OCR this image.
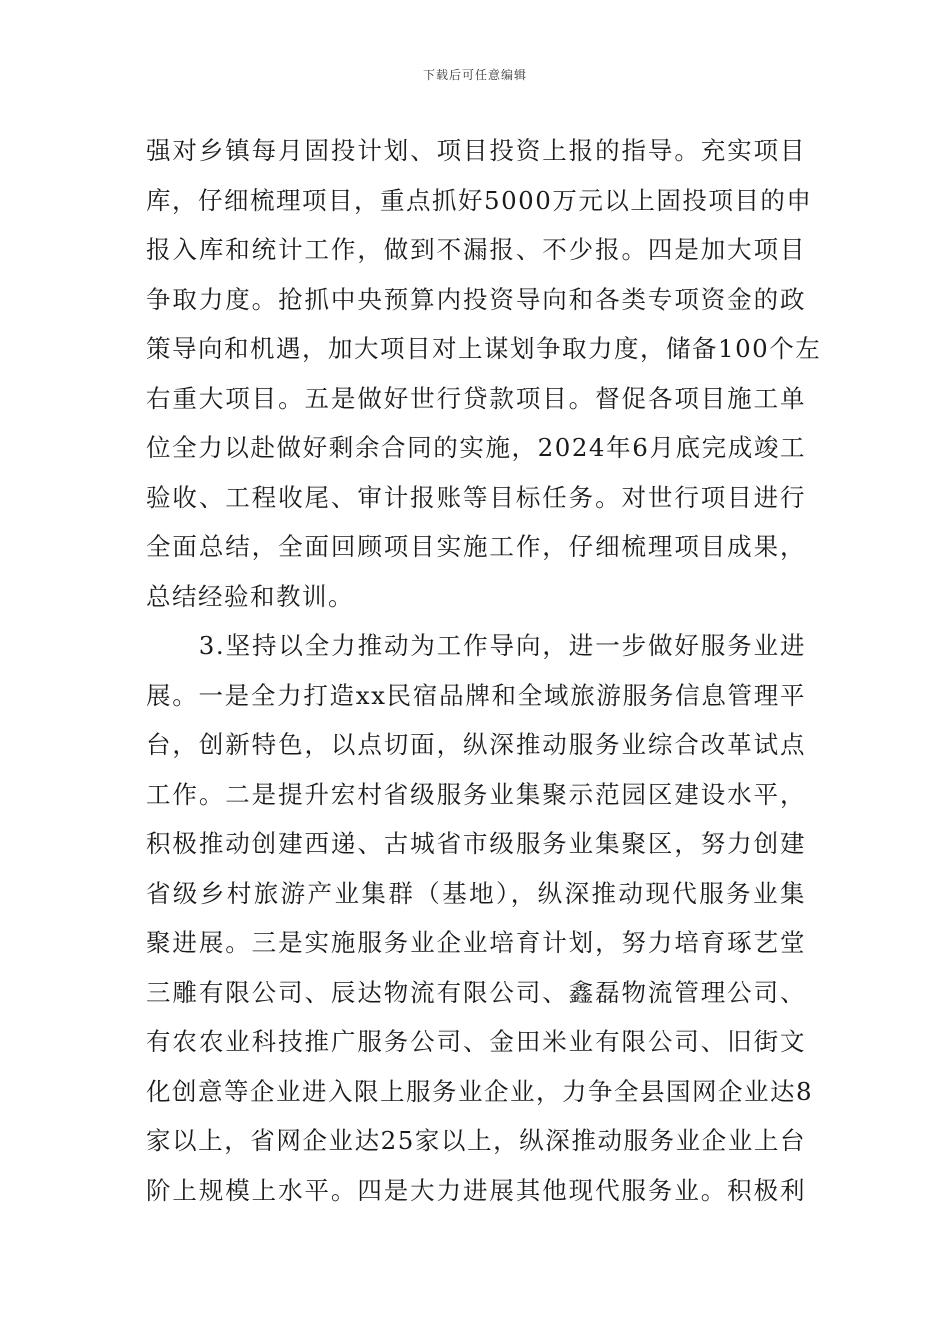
下载后可任意编辑
强对乡镇每月固投计划、项目投资上报的指导。充实项目
库，仔细梳理项目，重点抓好5000万元以上固投项目的申
报入库和统计工作，做到不漏报、不少报。四是加大项目
争取力度。抢抓中央预算内投资导向和各类专项资金的政
策导向和机遇，加大项目对上谋划争取力度，储备100个左
右重大项目。五是做好世行贷款项目。督促各项目施工单
位全力以赴做好剩余合同的实施，2024年6月底完成竣工
验收、工程收尾、审计报账等目标任务。对世行项目进行
全面总结，全面回顾项目实施工作，仔细梳理项目成果，
总结经验和教训。
　　3.坚持以全力推动为工作导向，进一步做好服务业进
展。一是全力打造xx民宿品牌和全域旅游服务信息管理平
台，创新特色，以点切面，纵深推动服务业综合改革试点
工作。二是提升宏村省级服务业集聚示范园区建设水平，
积极推动创建西递、古城省市级服务业集聚区，努力创建
省级乡村旅游产业集群（基地），纵深推动现代服务业集
聚进展。三是实施服务业企业培育计划，努力培育琢艺堂
三雕有限公司、辰达物流有限公司、鑫磊物流管理公司、
有农农业科技推广服务公司、金田米业有限公司、旧街文
化创意等企业进入限上服务业企业，力争全县国网企业达8
家以上，省网企业达25家以上，纵深推动服务业企业上台
阶上规模上水平。四是大力进展其他现代服务业。积极利
